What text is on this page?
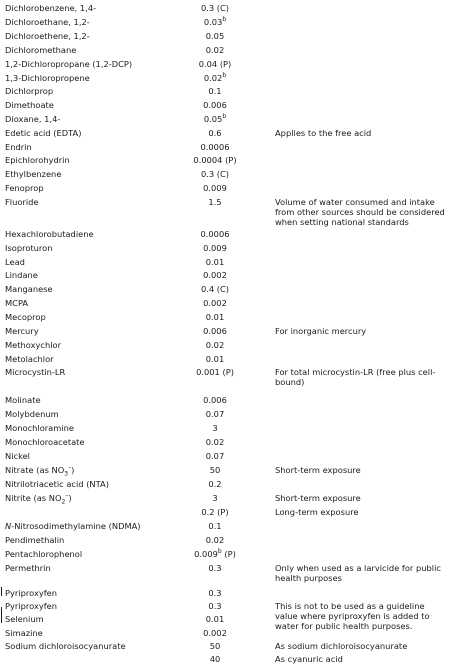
Dichlorobenzene, 1,4-	0.3 (C)
Dichloroethane, 1,2-	0.03$^b$
Dichloroethene, 1,2-	0.05
Dichloromethane	0.02
1,2-Dichloropropane (1,2-DCP)	0.04 (P)
1,3-Dichloropropene	0.02$^b$
Dichlorprop	0.1
Dimethoate	0.006
Dioxane, 1,4-	0.05$^b$
Edetic acid (EDTA)	0.6	Applies to the free acid
Endrin	0.0006
Epichlorohydrin	0.0004 (P)
Ethylbenzene	0.3 (C)
Fenoprop	0.009
Fluoride	1.5	Volume of water consumed and intake
from other sources should be considered
when setting national standards
Hexachlorobutadiene	0.0006
Isoproturon	0.009
Lead	0.01
Lindane	0.002
Manganese	0.4 (C)
MCPA	0.002
Mecoprop	0.01
Mercury	0.006	For inorganic mercury
Methoxychlor	0.02
Metolachlor	0.01
Microcystin-LR	0.001 (P)	For total microcystin-LR (free plus cell-
bound)
Molinate	0.006
Molybdenum	0.07
Monochloramine	3
Monochloroacetate	0.02
Nickel	0.07
Nitrate (as $NO_3^-$)	50	Short-term exposure
Nitrilotriacetic acid (NTA)	0.2
Nitrite (as $NO_2^-$)	3	Short-term exposure
0.2 (P)	Long-term exposure
N-Nitrosodimethylamine (NDMA)	0.1
Pendimethalin	0.02
Pentachlorophenol	0.009$^b$ (P)
Permethrin	0.3	Only when used as a larvicide for public
health purposes
Pyriproxyfen	0.3
Pyriproxyfen	0.3	This is not to be used as a guideline
value where pyriproxyfen is added to
water for public health purposes.
Selenium	0.01
Simazine	0.002
Sodium dichloroisocyanurate	50	As sodium dichloroisocyanurate
40	As cyanuric acid
